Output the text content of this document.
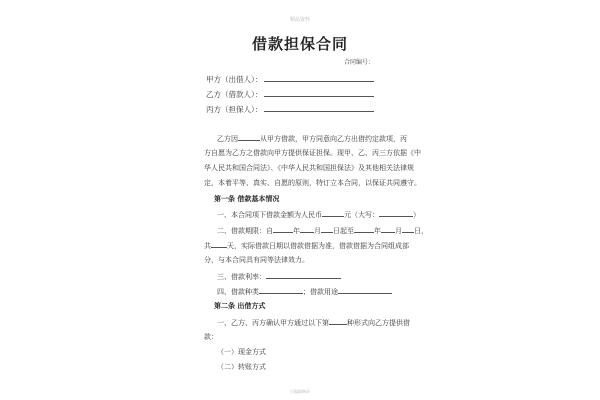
精品资料
借款担保合同
合同编号：
甲方（出借人）：
乙方（借款人）：
丙方（担保人）：
乙方因	从甲方借款，甲方同意向乙方出借约定款项，丙
方自愿为乙方之借款向甲方提供保证担保。现甲、乙、丙三方依据《中
华人民共和国合同法》、《中华人民共和国担保法》及其他相关法律规
定，本着平等、真实、自愿的原则，特订立本合同，以保证共同遵守。
第一条 借款基本情况
一、本合同项下借款金额为人民币	元（大写：	）
二、借款期限：自	年 月 日起至	年 月 日，
共 天，实际借款日期以借款借据为准，借款借据为合同组成部
分，与本合同具有同等法律效力。
三、借款利率：
四、借款种类	；借款用途
第二条 出借方式
一、乙方、丙方确认甲方通过以下第	种形式向乙方提供借
款：
（一）现金方式
（二）转账方式
可编辑修改
